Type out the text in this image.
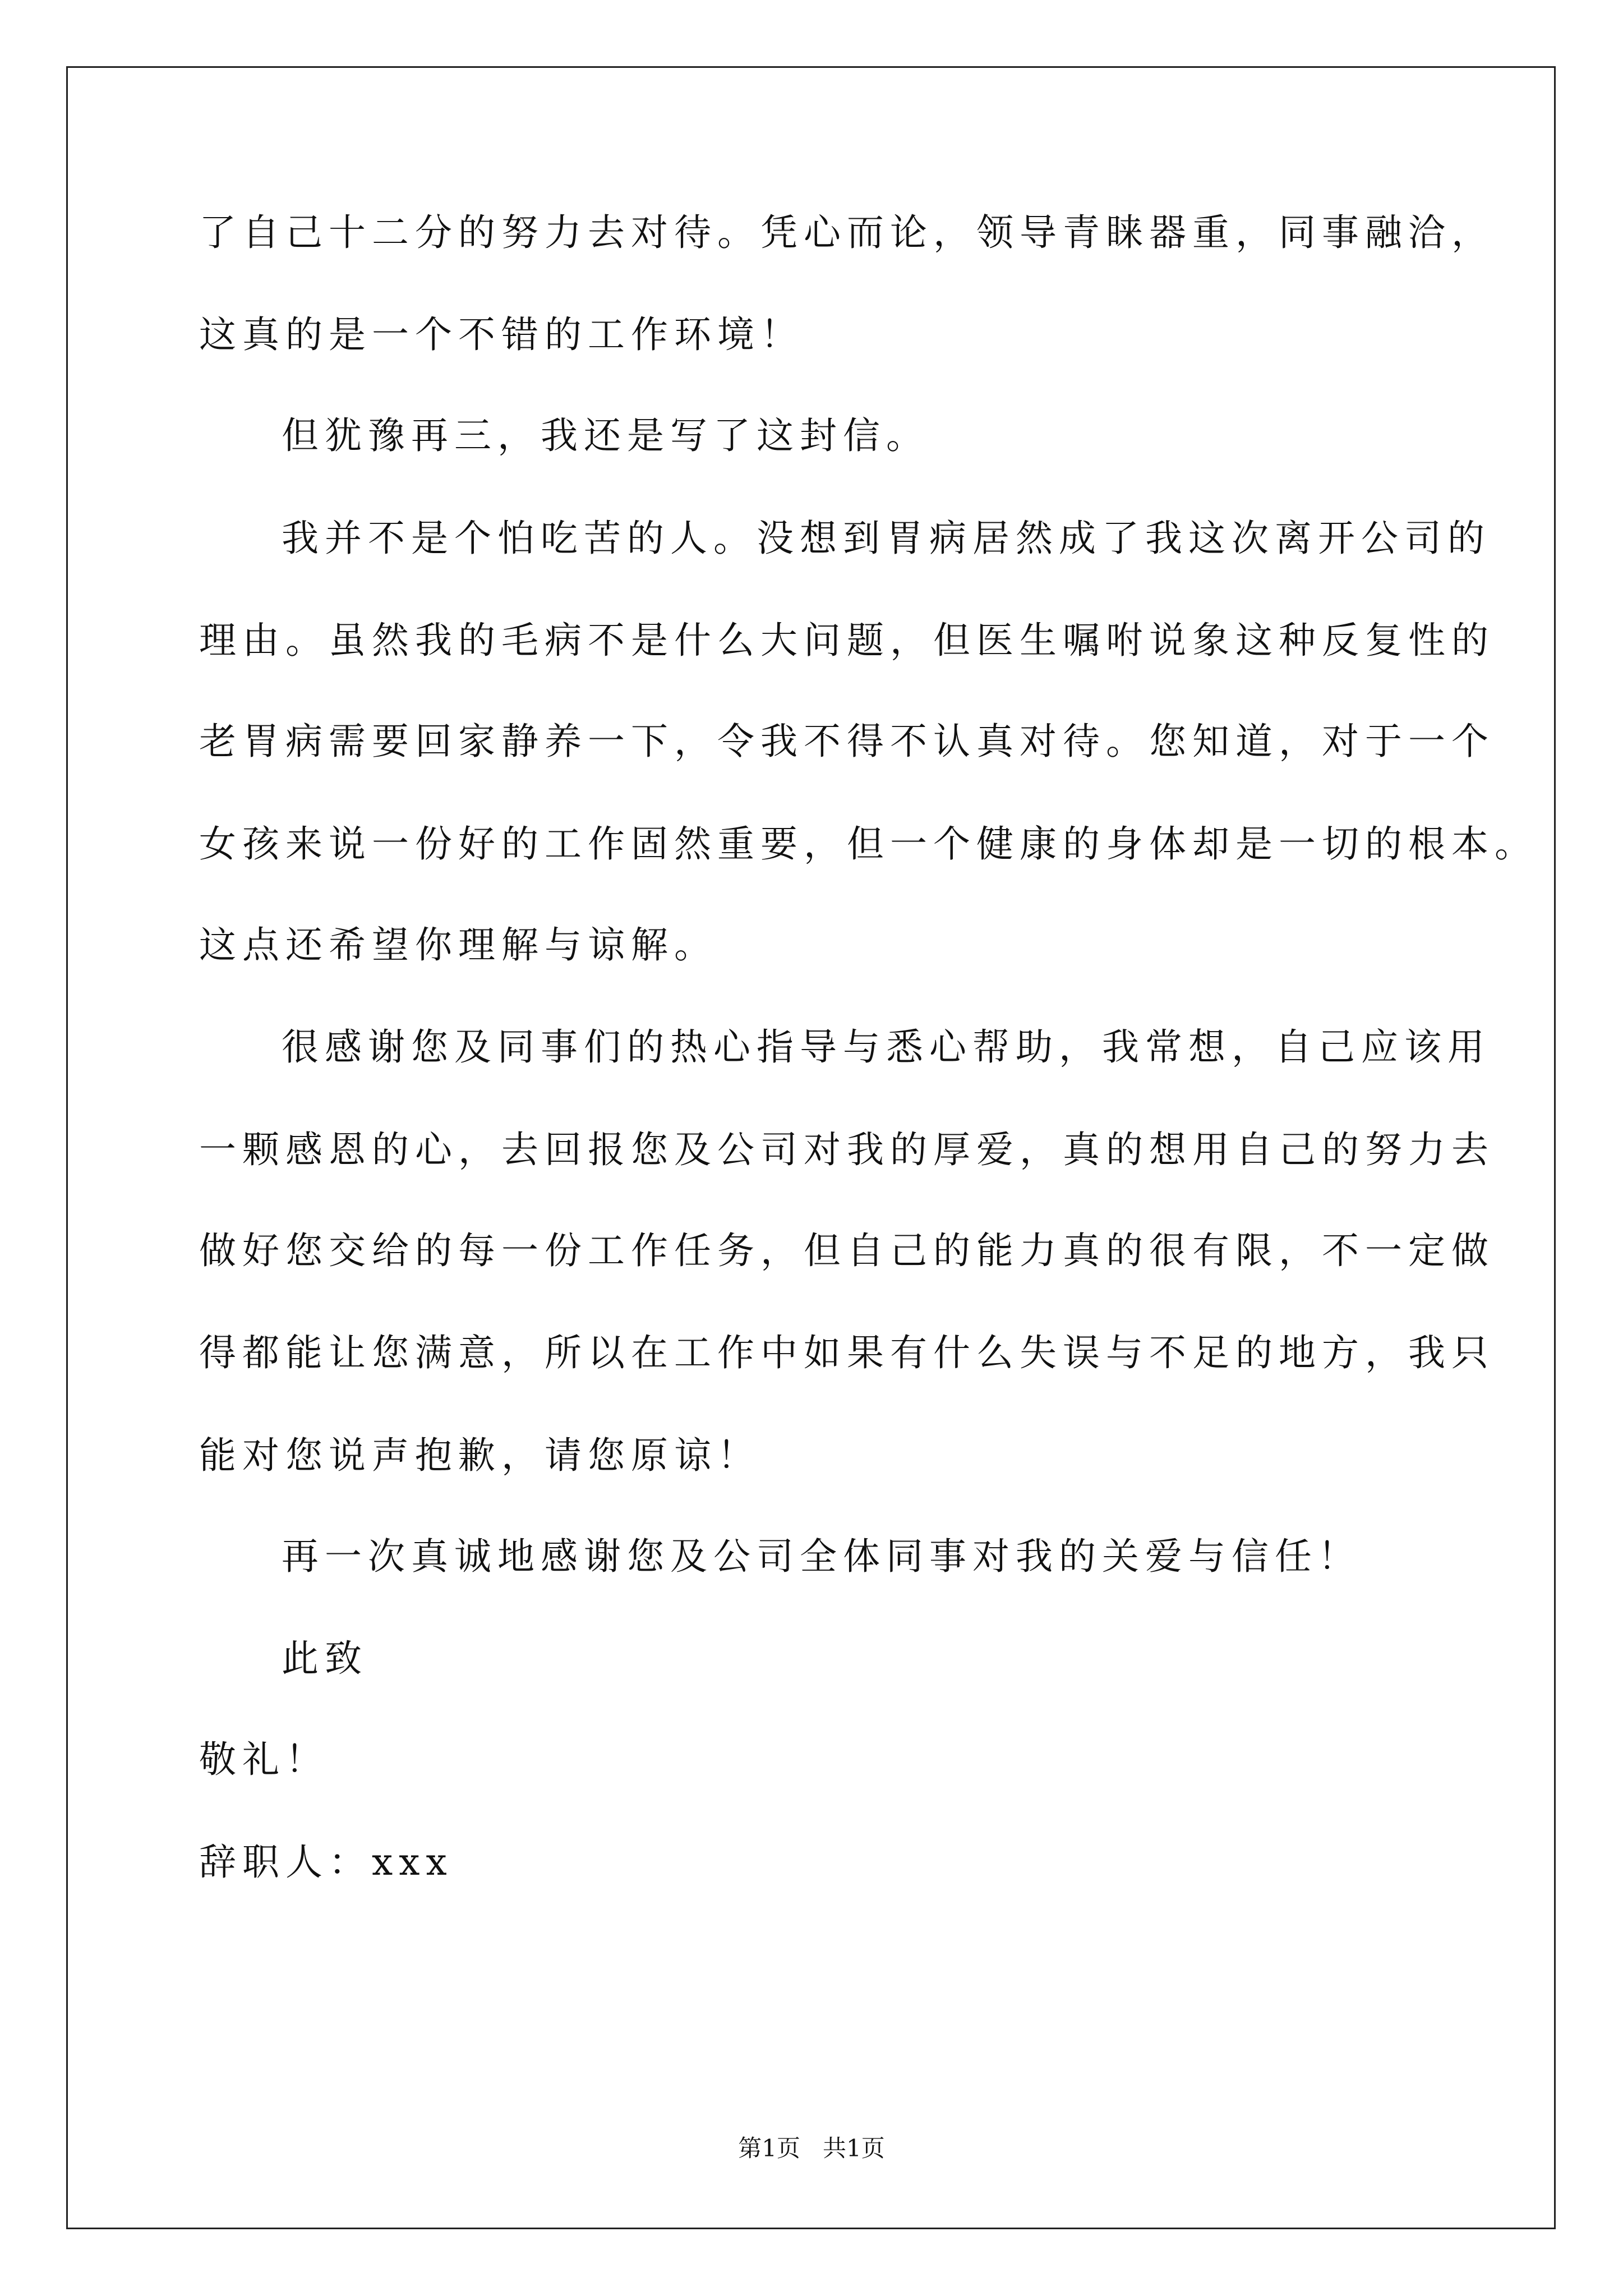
了自己十二分的努力去对待。凭心而论，领导青睐器重，同事融洽，
这真的是一个不错的工作环境！
但犹豫再三，我还是写了这封信。
我并不是个怕吃苦的人。没想到胃病居然成了我这次离开公司的
理由。虽然我的毛病不是什么大问题，但医生嘱咐说象这种反复性的
老胃病需要回家静养一下，令我不得不认真对待。您知道，对于一个
女孩来说一份好的工作固然重要，但一个健康的身体却是一切的根本。
这点还希望你理解与谅解。
很感谢您及同事们的热心指导与悉心帮助，我常想，自己应该用
一颗感恩的心，去回报您及公司对我的厚爱，真的想用自己的努力去
做好您交给的每一份工作任务，但自己的能力真的很有限，不一定做
得都能让您满意，所以在工作中如果有什么失误与不足的地方，我只
能对您说声抱歉，请您原谅！
再一次真诚地感谢您及公司全体同事对我的关爱与信任！
此致
敬礼！
辞职人：xxx
第1页   共1页
